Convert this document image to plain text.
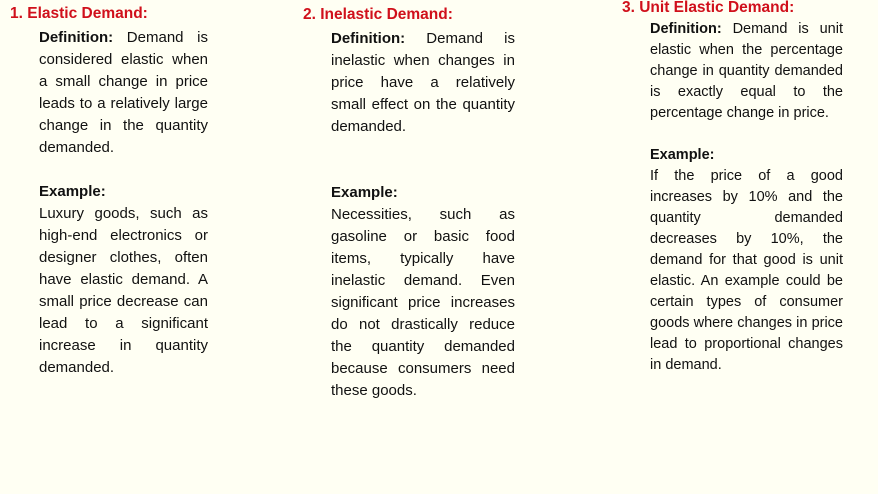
1. Elastic Demand:

Definition: Demand is considered elastic when a small change in price leads to a relatively large change in the quantity demanded.

Example:

Luxury goods, such as high-end electronics or designer clothes, often have elastic demand. A small price decrease can lead to a significant increase in quantity demanded.

2. Inelastic Demand:

Definition: Demand is inelastic when changes in price have a relatively small effect on the quantity demanded.

Example:

Necessities, such as gasoline or basic food items, typically have inelastic demand. Even significant price increases do not drastically reduce the quantity demanded because consumers need these goods.

3. Unit Elastic Demand:

Definition: Demand is unit elastic when the percentage change in quantity demanded is exactly equal to the percentage change in price.

Example:

If the price of a good increases by 10% and the quantity demanded decreases by 10%, the demand for that good is unit elastic. An example could be certain types of consumer goods where changes in price lead to proportional changes in demand.
